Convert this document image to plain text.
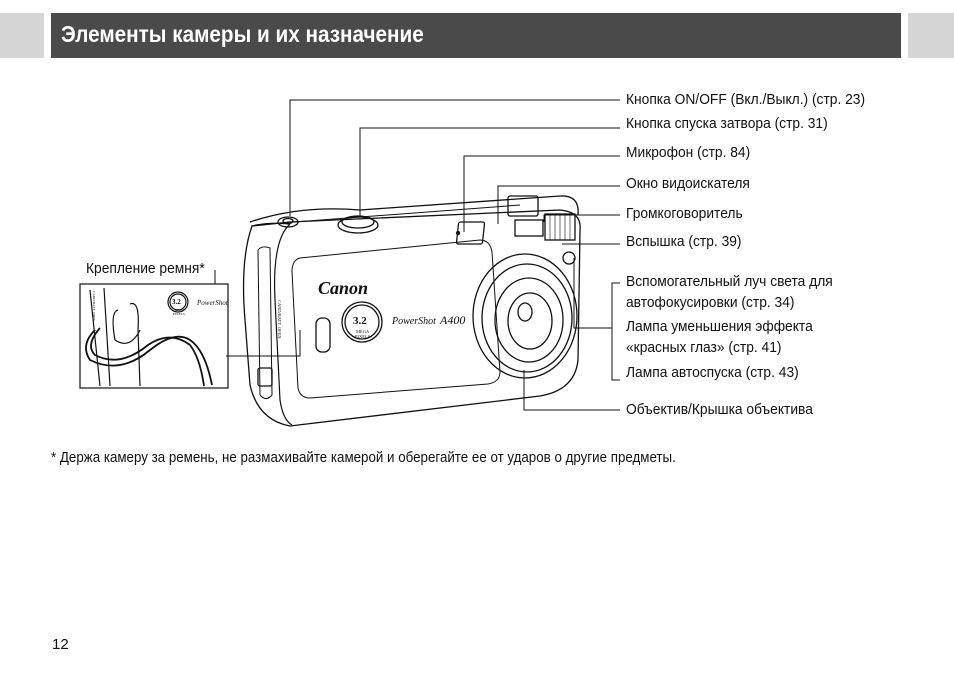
Элементы камеры и их назначение
Canon
PowerShot A400
3.2
MEGA
PIXELS
CARD/BATT. OPEN
3.2
MEGA
PIXELS
PowerShot
CARD/BATT. OPEN
Кнопка ON/OFF (Вкл./Выкл.) (стр. 23)
Кнопка спуска затвора (стр. 31)
Микрофон (стр. 84)
Окно видоискателя
Громкоговоритель
Вспышка (стр. 39)
Вспомогательный луч света для
автофокусировки (стр. 34)
Лампа уменьшения эффекта
«красных глаз» (стр. 41)
Лампа автоспуска (стр. 43)
Объектив/Крышка объектива
Крепление ремня*
* Держа камеру за ремень, не размахивайте камерой и оберегайте ее от ударов о другие предметы.
12
